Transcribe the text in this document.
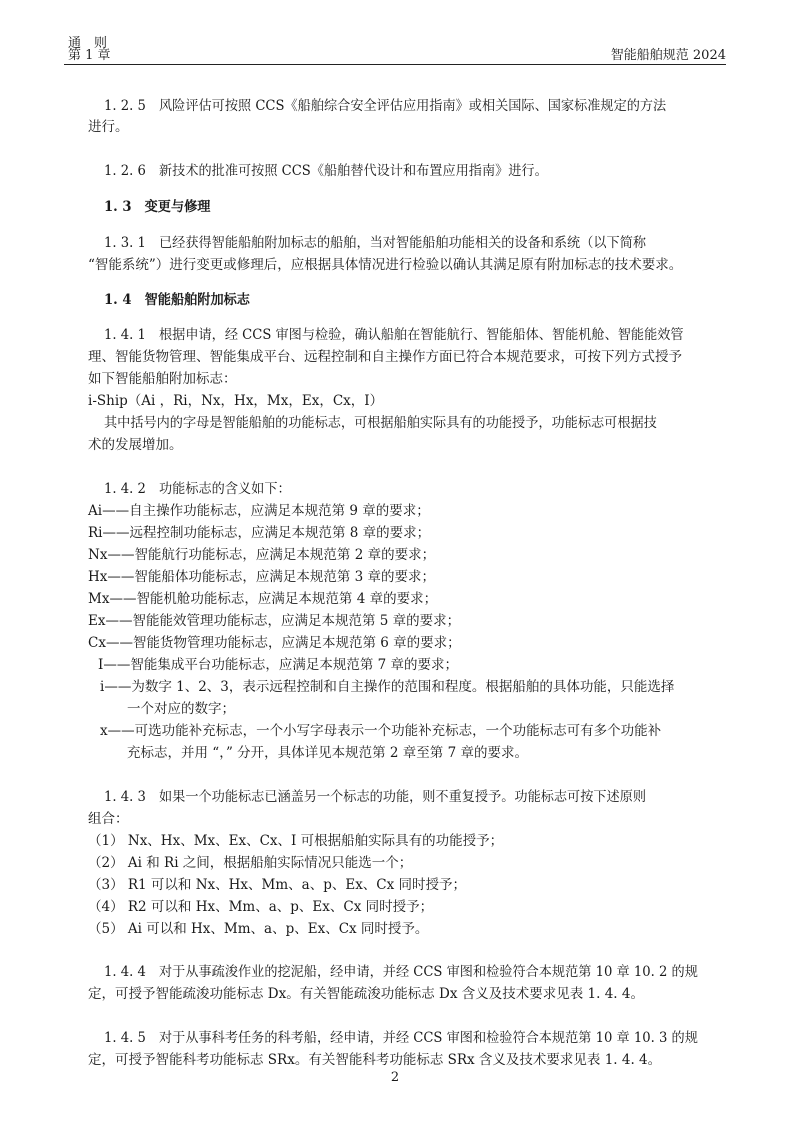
通　则
第 1 章	智能船舶规范 2024
1. 2. 5　风险评估可按照 CCS《船舶综合安全评估应用指南》或相关国际、国家标准规定的方法
进行。
1. 2. 6　新技术的批准可按照 CCS《船舶替代设计和布置应用指南》进行。
1. 3　变更与修理
1. 3. 1　已经获得智能船舶附加标志的船舶，当对智能船舶功能相关的设备和系统（以下简称
“智能系统”）进行变更或修理后，应根据具体情况进行检验以确认其满足原有附加标志的技术要求。
1. 4　智能船舶附加标志
1. 4. 1　根据申请，经 CCS 审图与检验，确认船舶在智能航行、智能船体、智能机舱、智能能效管
理、智能货物管理、智能集成平台、远程控制和自主操作方面已符合本规范要求，可按下列方式授予
如下智能船舶附加标志：
i-Ship（Ai ，Ri，Nx，Hx，Mx，Ex，Cx，I）
其中括号内的字母是智能船舶的功能标志，可根据船舶实际具有的功能授予，功能标志可根据技
术的发展增加。
1. 4. 2　功能标志的含义如下：
Ai——自主操作功能标志，应满足本规范第 9 章的要求；
Ri——远程控制功能标志，应满足本规范第 8 章的要求；
Nx——智能航行功能标志，应满足本规范第 2 章的要求；
Hx——智能船体功能标志，应满足本规范第 3 章的要求；
Mx——智能机舱功能标志，应满足本规范第 4 章的要求；
Ex——智能能效管理功能标志，应满足本规范第 5 章的要求；
Cx——智能货物管理功能标志，应满足本规范第 6 章的要求；
I——智能集成平台功能标志，应满足本规范第 7 章的要求；
i——为数字 1、2、3，表示远程控制和自主操作的范围和程度。根据船舶的具体功能，只能选择
一个对应的数字；
x——可选功能补充标志，一个小写字母表示一个功能补充标志，一个功能标志可有多个功能补
充标志，并用 “，” 分开，具体详见本规范第 2 章至第 7 章的要求。
1. 4. 3　如果一个功能标志已涵盖另一个标志的功能，则不重复授予。功能标志可按下述原则
组合：
（1） Nx、Hx、Mx、Ex、Cx、I 可根据船舶实际具有的功能授予；
（2） Ai 和 Ri 之间，根据船舶实际情况只能选一个；
（3） R1 可以和 Nx、Hx、Mm、a、p、Ex、Cx 同时授予；
（4） R2 可以和 Hx、Mm、a、p、Ex、Cx 同时授予；
（5） Ai 可以和 Hx、Mm、a、p、Ex、Cx 同时授予。
1. 4. 4　对于从事疏浚作业的挖泥船，经申请，并经 CCS 审图和检验符合本规范第 10 章 10. 2 的规
定，可授予智能疏浚功能标志 Dx。有关智能疏浚功能标志 Dx 含义及技术要求见表 1. 4. 4。
1. 4. 5　对于从事科考任务的科考船，经申请，并经 CCS 审图和检验符合本规范第 10 章 10. 3 的规
定，可授予智能科考功能标志 SRx。有关智能科考功能标志 SRx 含义及技术要求见表 1. 4. 4。
2
